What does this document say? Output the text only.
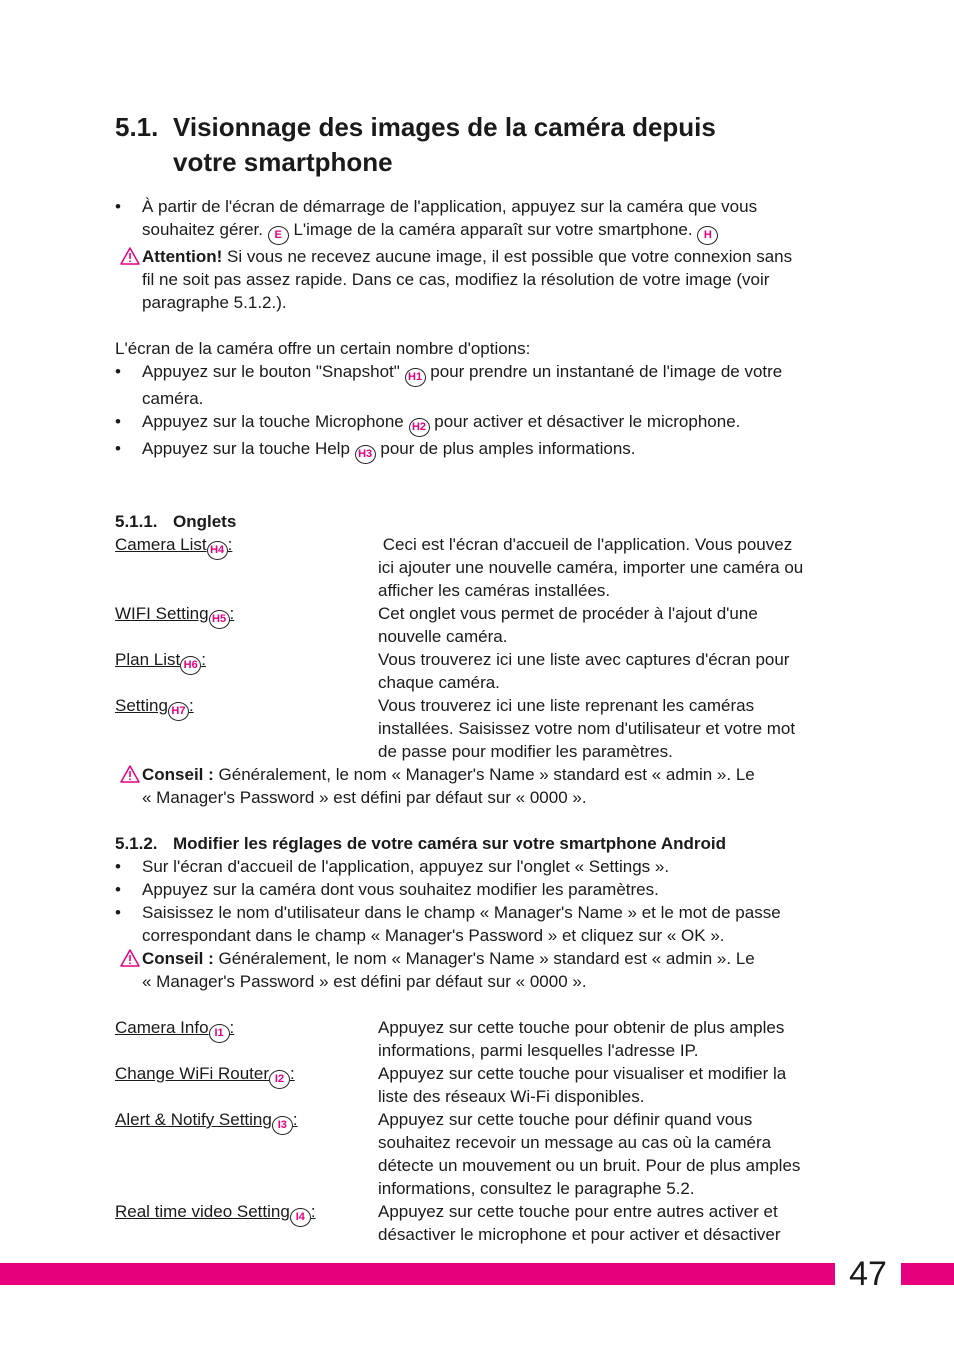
5.1. Visionnage des images de la caméra depuis
votre smartphone
• À partir de l'écran de démarrage de l'application, appuyez sur la caméra que vous
souhaitez gérer. E L'image de la caméra apparaît sur votre smartphone. H
Attention! Si vous ne recevez aucune image, il est possible que votre connexion sans
fil ne soit pas assez rapide. Dans ce cas, modifiez la résolution de votre image (voir
paragraphe 5.1.2.).
L'écran de la caméra offre un certain nombre d'options:
• Appuyez sur le bouton "Snapshot" H1 pour prendre un instantané de l'image de votre
caméra.
• Appuyez sur la touche Microphone H2 pour activer et désactiver le microphone.
• Appuyez sur la touche Help H3 pour de plus amples informations.
5.1.1. Onglets
Camera List H4 :	Ceci est l'écran d'accueil de l'application. Vous pouvez
ici ajouter une nouvelle caméra, importer une caméra ou
afficher les caméras installées.
WIFI Setting H5 :	Cet onglet vous permet de procéder à l'ajout d'une
nouvelle caméra.
Plan List H6 :	Vous trouverez ici une liste avec captures d'écran pour
chaque caméra.
Setting H7 :	Vous trouverez ici une liste reprenant les caméras
installées. Saisissez votre nom d'utilisateur et votre mot
de passe pour modifier les paramètres.
Conseil : Généralement, le nom « Manager's Name » standard est « admin ». Le
« Manager's Password » est défini par défaut sur « 0000 ».
5.1.2. Modifier les réglages de votre caméra sur votre smartphone Android
• Sur l'écran d'accueil de l'application, appuyez sur l'onglet « Settings ».
• Appuyez sur la caméra dont vous souhaitez modifier les paramètres.
• Saisissez le nom d'utilisateur dans le champ « Manager's Name » et le mot de passe
correspondant dans le champ « Manager's Password » et cliquez sur « OK ».
Conseil : Généralement, le nom « Manager's Name » standard est « admin ». Le
« Manager's Password » est défini par défaut sur « 0000 ».
Camera Info I1 :	Appuyez sur cette touche pour obtenir de plus amples
informations, parmi lesquelles l'adresse IP.
Change WiFi Router I2 :	Appuyez sur cette touche pour visualiser et modifier la
liste des réseaux Wi-Fi disponibles.
Alert & Notify Setting I3 :	Appuyez sur cette touche pour définir quand vous
souhaitez recevoir un message au cas où la caméra
détecte un mouvement ou un bruit. Pour de plus amples
informations, consultez le paragraphe 5.2.
Real time video Setting I4 :	Appuyez sur cette touche pour entre autres activer et
désactiver le microphone et pour activer et désactiver
47
